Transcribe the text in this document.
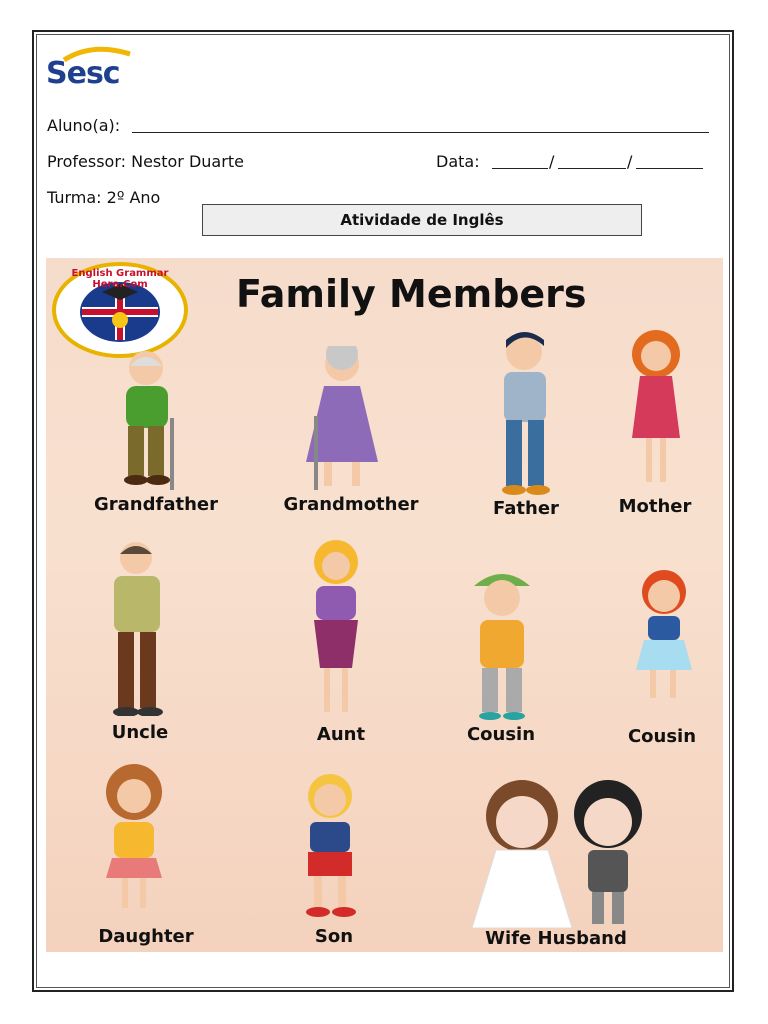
Sesc
Aluno(a):
Professor: Nestor Duarte	Data:	/	/
Turma: 2º Ano
Atividade de Inglês
English Grammar Here.Com	Family Members
Grandfather	Grandmother	Father	Mother
Uncle	Aunt	Cousin	Cousin
Daughter	Son	Wife Husband
